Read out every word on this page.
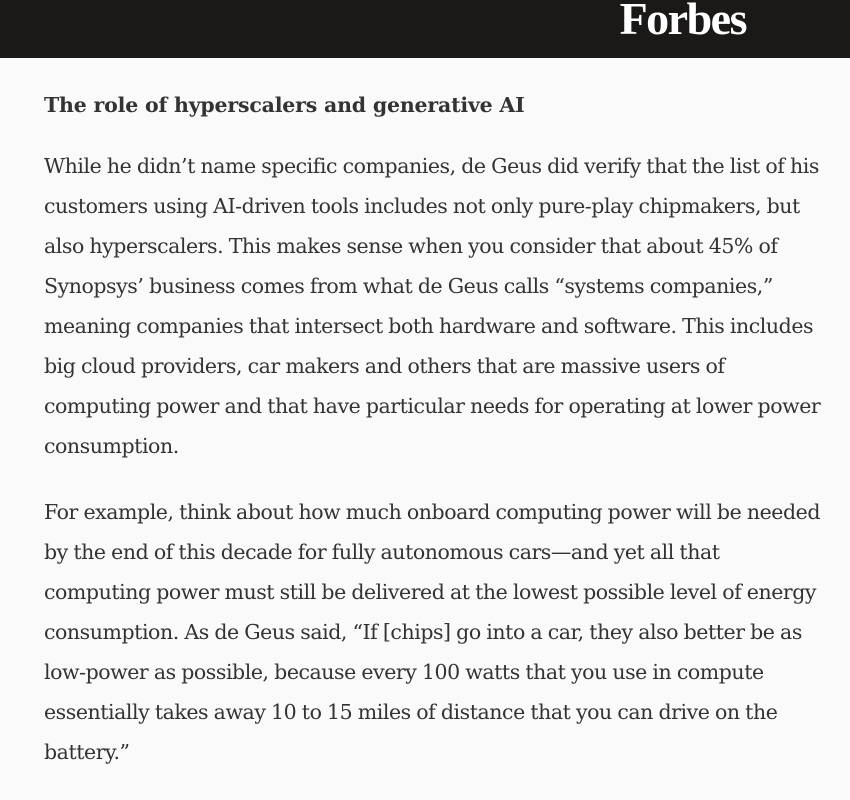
Forbes
The role of hyperscalers and generative AI

While he didn’t name specific companies, de Geus did verify that the list of his customers using AI-driven tools includes not only pure-play chipmakers, but also hyperscalers. This makes sense when you consider that about 45% of Synopsys’ business comes from what de Geus calls “systems companies,” meaning companies that intersect both hardware and software. This includes big cloud providers, car makers and others that are massive users of computing power and that have particular needs for operating at lower power consumption.

For example, think about how much onboard computing power will be needed by the end of this decade for fully autonomous cars—and yet all that computing power must still be delivered at the lowest possible level of energy consumption. As de Geus said, “If [chips] go into a car, they also better be as low-power as possible, because every 100 watts that you use in compute essentially takes away 10 to 15 miles of distance that you can drive on the battery.”
